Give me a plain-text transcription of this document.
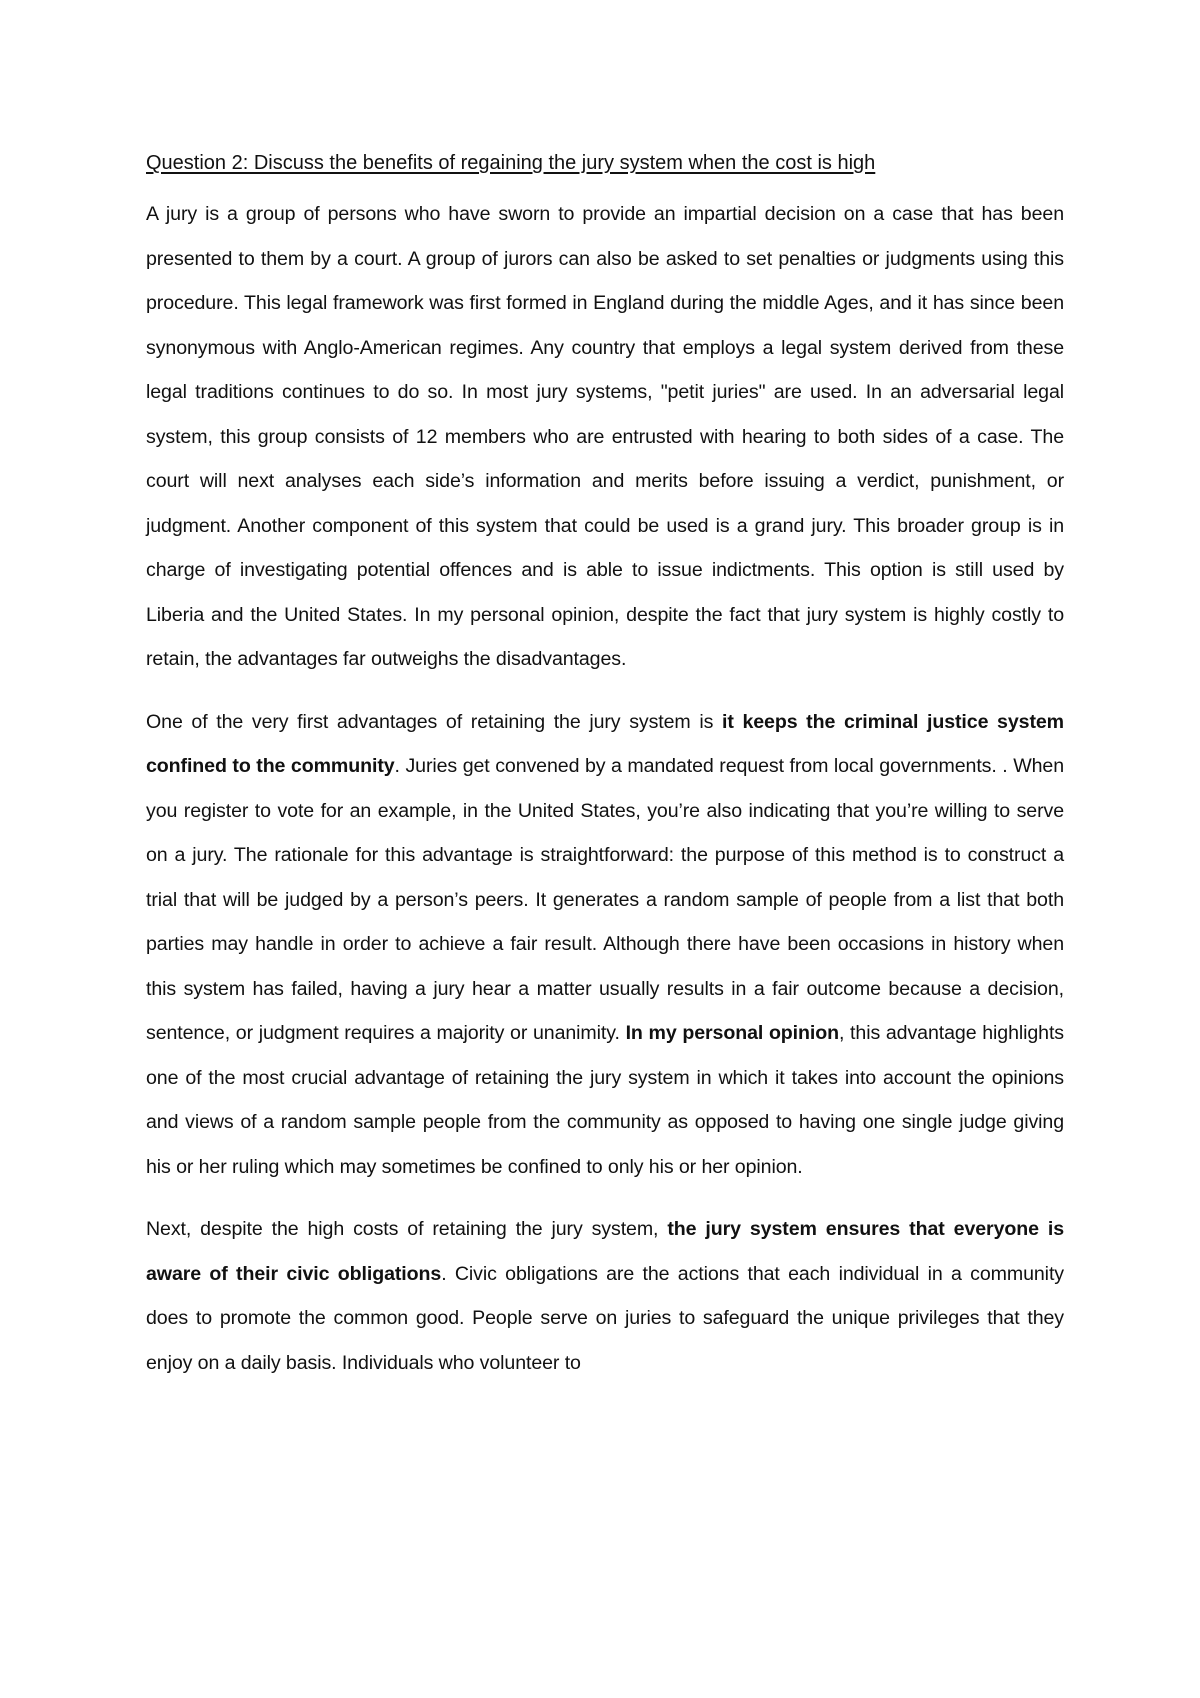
Question 2: Discuss the benefits of regaining the jury system when the cost is high

A jury is a group of persons who have sworn to provide an impartial decision on a case that has been presented to them by a court. A group of jurors can also be asked to set penalties or judgments using this procedure. This legal framework was first formed in England during the middle Ages, and it has since been synonymous with Anglo-American regimes. Any country that employs a legal system derived from these legal traditions continues to do so. In most jury systems, "petit juries" are used. In an adversarial legal system, this group consists of 12 members who are entrusted with hearing to both sides of a case. The court will next analyses each side’s information and merits before issuing a verdict, punishment, or judgment. Another component of this system that could be used is a grand jury. This broader group is in charge of investigating potential offences and is able to issue indictments. This option is still used by Liberia and the United States. In my personal opinion, despite the fact that jury system is highly costly to retain, the advantages far outweighs the disadvantages.

One of the very first advantages of retaining the jury system is it keeps the criminal justice system confined to the community. Juries get convened by a mandated request from local governments. . When you register to vote for an example, in the United States, you’re also indicating that you’re willing to serve on a jury. The rationale for this advantage is straightforward: the purpose of this method is to construct a trial that will be judged by a person’s peers. It generates a random sample of people from a list that both parties may handle in order to achieve a fair result. Although there have been occasions in history when this system has failed, having a jury hear a matter usually results in a fair outcome because a decision, sentence, or judgment requires a majority or unanimity. In my personal opinion, this advantage highlights one of the most crucial advantage of retaining the jury system in which it takes into account the opinions and views of a random sample people from the community as opposed to having one single judge giving his or her ruling which may sometimes be confined to only his or her opinion.

Next, despite the high costs of retaining the jury system, the jury system ensures that everyone is aware of their civic obligations. Civic obligations are the actions that each individual in a community does to promote the common good. People serve on juries to safeguard the unique privileges that they enjoy on a daily basis. Individuals who volunteer to
